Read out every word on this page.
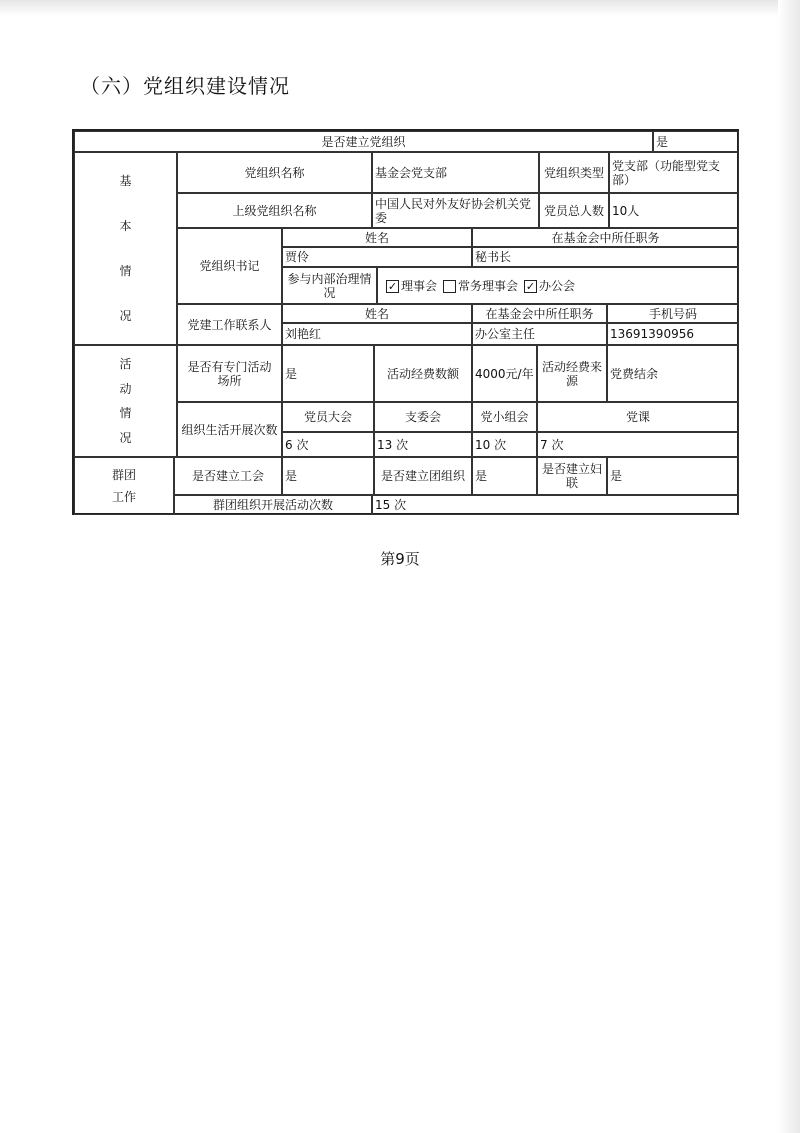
（六）党组织建设情况
是否建立党组织	是
基
本
情
况
党组织名称	基金会党支部	党组织类型 党支部（功能型党支部）
上级党组织名称	中国人民对外友好协会机关党委	党员总人数 10人
党组织书记
姓名	在基金会中所任职务
贾伶	秘书长
参与内部治理情况	✓ 理事会 常务理事会 ✓ 办公会
党建工作联系人
姓名	在基金会中所任职务	手机号码
刘艳红	办公室主任	13691390956
活
动
情
况
是否有专门活动场所	是	活动经费数额	4000元/年 活动经费来源	党费结余
组织生活开展次数
党员大会	支委会	党小组会	党课
6 次	13 次	10 次	7 次
群团
工作
是否建立工会	是	是否建立团组织 是	是否建立妇联	是
群团组织开展活动次数	15 次
第9页
